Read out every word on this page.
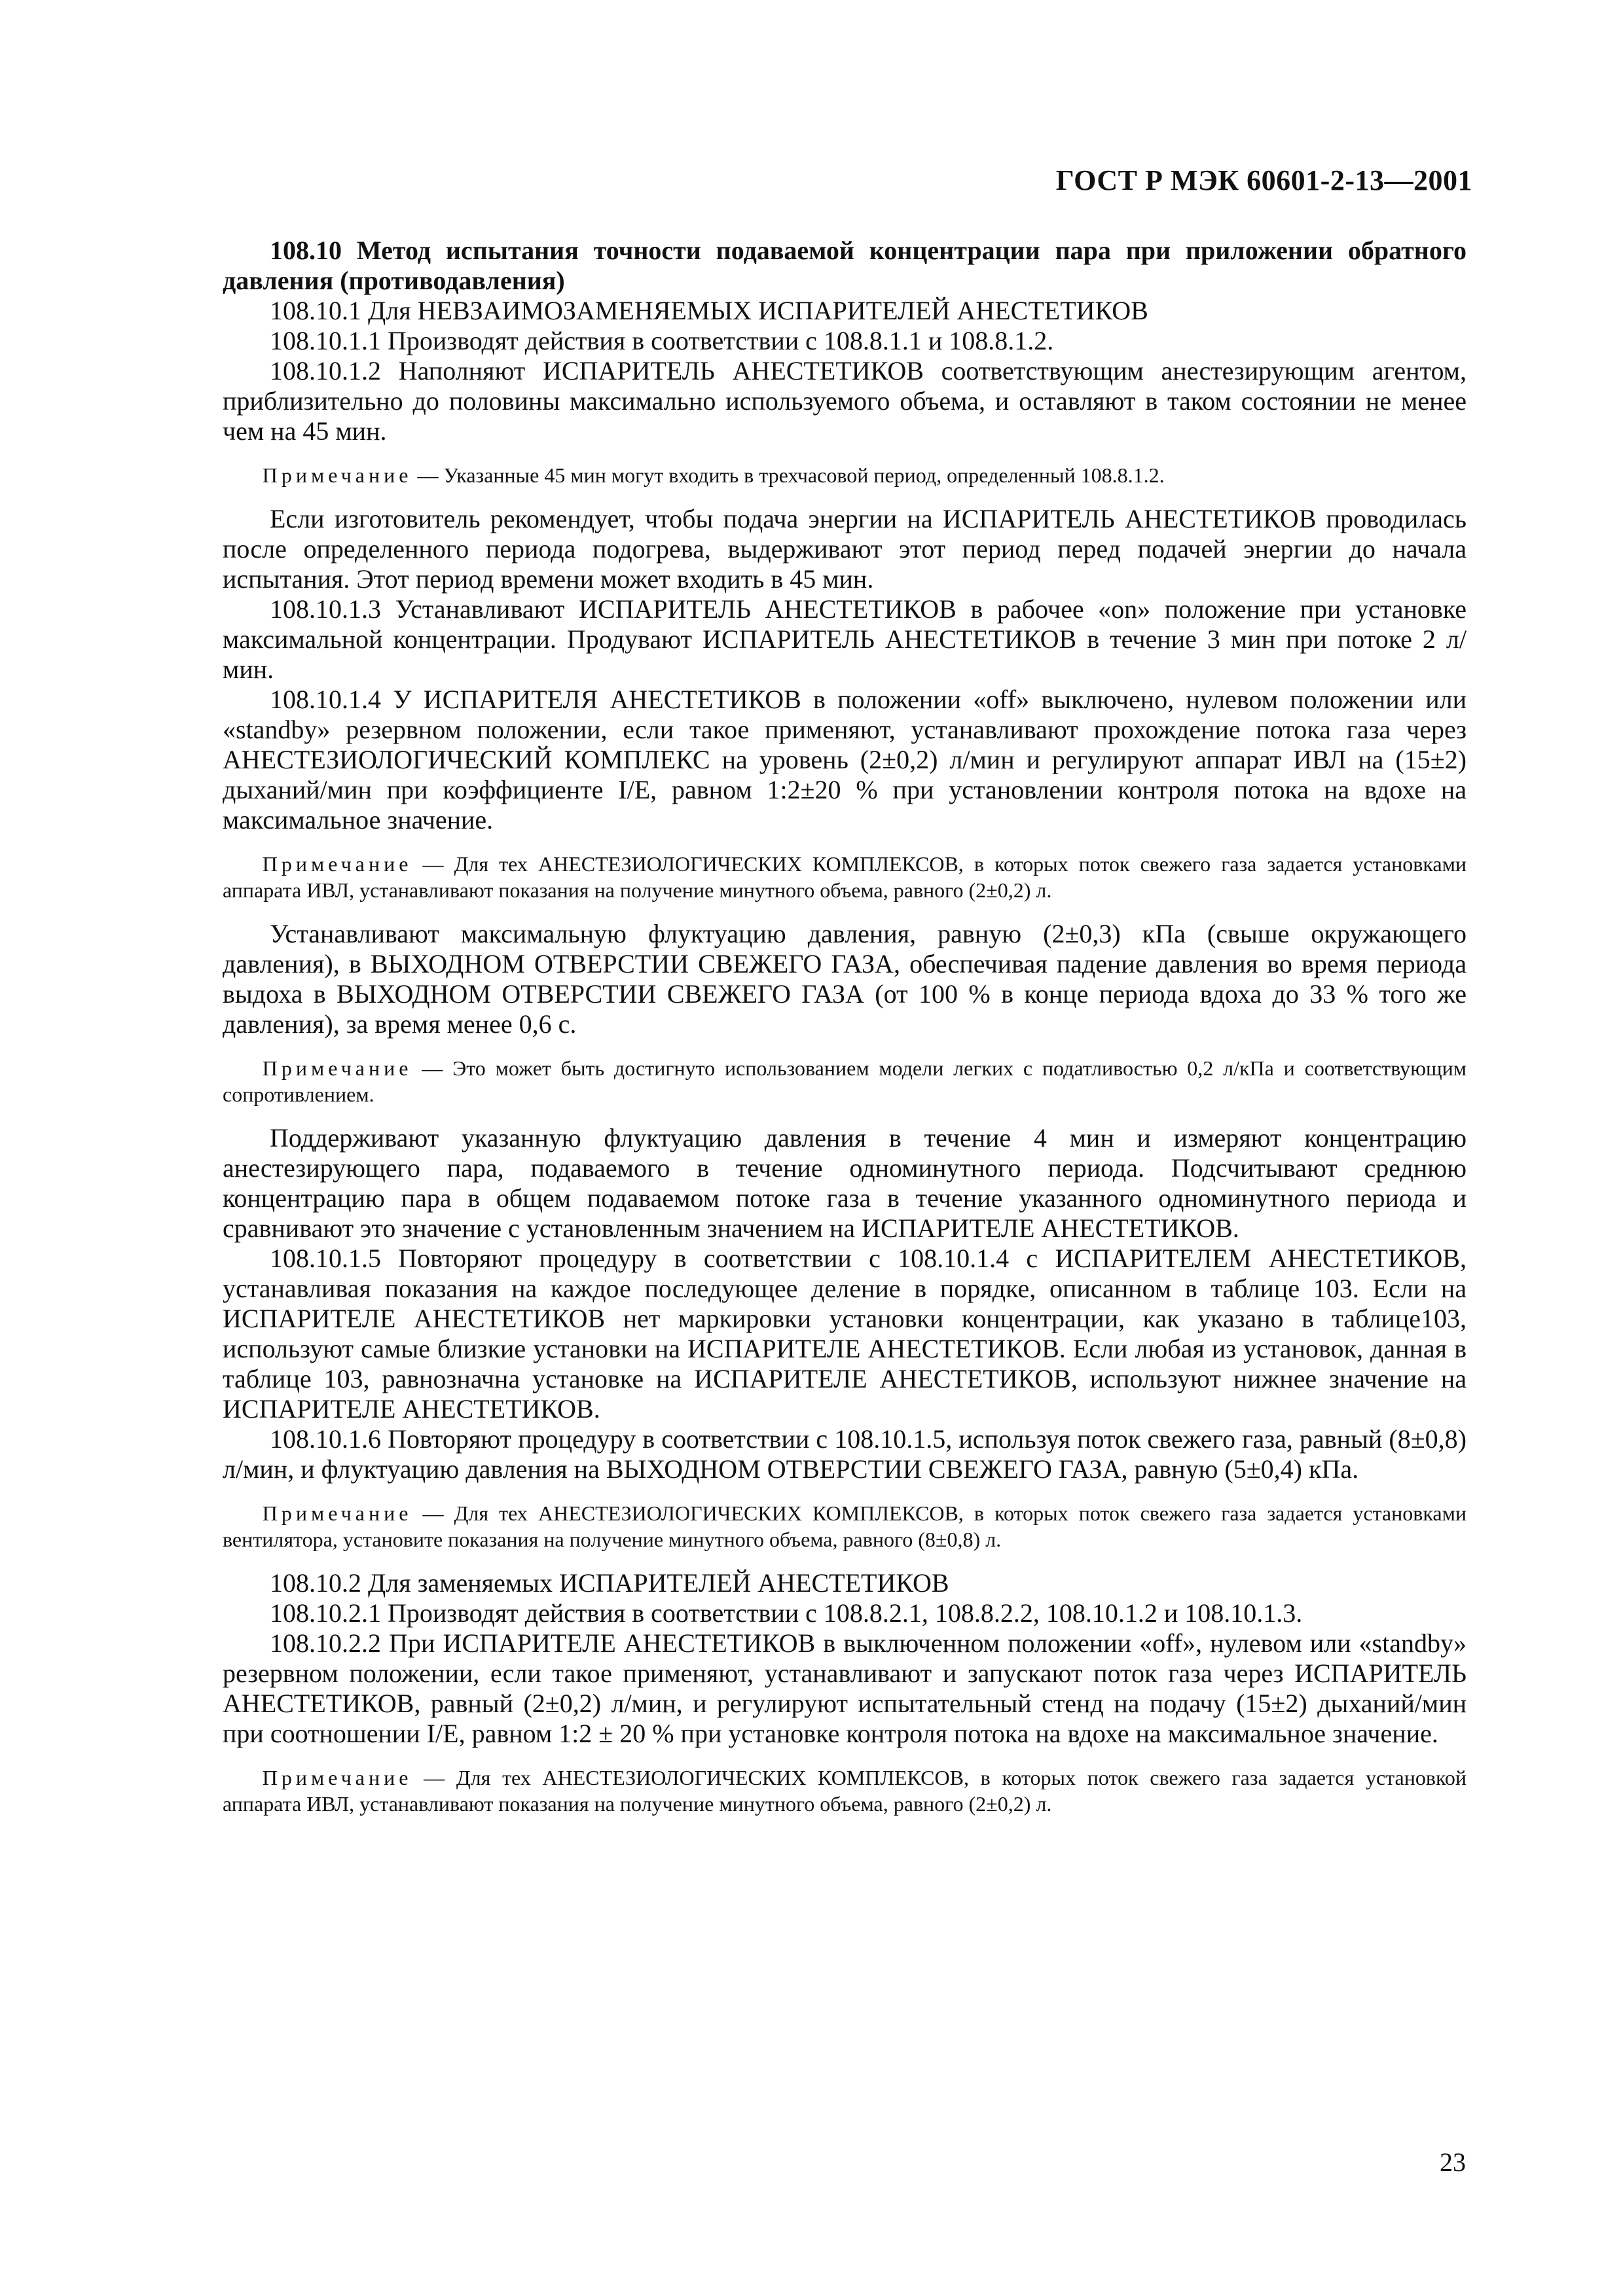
ГОСТ Р МЭК 60601-2-13—2001

108.10 Метод испытания точности подаваемой концентрации пара при приложении обратного давления (противодавления)

108.10.1 Для НЕВЗАИМОЗАМЕНЯЕМЫХ ИСПАРИТЕЛЕЙ АНЕСТЕТИКОВ

108.10.1.1 Производят действия в соответствии с 108.8.1.1 и 108.8.1.2.

108.10.1.2 Наполняют ИСПАРИТЕЛЬ АНЕСТЕТИКОВ соответствующим анестезирующим агентом, приблизительно до половины максимально используемого объема, и оставляют в таком состоянии не менее чем на 45 мин.

Примечание — Указанные 45 мин могут входить в трехчасовой период, определенный 108.8.1.2.

Если изготовитель рекомендует, чтобы подача энергии на ИСПАРИТЕЛЬ АНЕСТЕТИКОВ проводилась после определенного периода подогрева, выдерживают этот период перед подачей энергии до начала испытания. Этот период времени может входить в 45 мин.

108.10.1.3 Устанавливают ИСПАРИТЕЛЬ АНЕСТЕТИКОВ в рабочее «on» положение при установке максимальной концентрации. Продувают ИСПАРИТЕЛЬ АНЕСТЕТИКОВ в течение 3 мин при потоке 2 л/мин.

108.10.1.4 У ИСПАРИТЕЛЯ АНЕСТЕТИКОВ в положении «off» выключено, нулевом положении или «standby» резервном положении, если такое применяют, устанавливают прохождение потока газа через АНЕСТЕЗИОЛОГИЧЕСКИЙ КОМПЛЕКС на уровень (2±0,2) л/мин и регулируют аппарат ИВЛ на (15±2) дыханий/мин при коэффициенте I/E, равном 1:2±20 % при установлении контроля потока на вдохе на максимальное значение.

Примечание — Для тех АНЕСТЕЗИОЛОГИЧЕСКИХ КОМПЛЕКСОВ, в которых поток свежего газа задается установками аппарата ИВЛ, устанавливают показания на получение минутного объема, равного (2±0,2) л.

Устанавливают максимальную флуктуацию давления, равную (2±0,3) кПа (свыше окружающего давления), в ВЫХОДНОМ ОТВЕРСТИИ СВЕЖЕГО ГАЗА, обеспечивая падение давления во время периода выдоха в ВЫХОДНОМ ОТВЕРСТИИ СВЕЖЕГО ГАЗА (от 100 % в конце периода вдоха до 33 % того же давления), за время менее 0,6 с.

Примечание — Это может быть достигнуто использованием модели легких с податливостью 0,2 л/кПа и соответствующим сопротивлением.

Поддерживают указанную флуктуацию давления в течение 4 мин и измеряют концентрацию анестезирующего пара, подаваемого в течение одноминутного периода. Подсчитывают среднюю концентрацию пара в общем подаваемом потоке газа в течение указанного одноминутного периода и сравнивают это значение с установленным значением на ИСПАРИТЕЛЕ АНЕСТЕТИКОВ.

108.10.1.5 Повторяют процедуру в соответствии с 108.10.1.4 с ИСПАРИТЕЛЕМ АНЕСТЕТИКОВ, устанавливая показания на каждое последующее деление в порядке, описанном в таблице 103. Если на ИСПАРИТЕЛЕ АНЕСТЕТИКОВ нет маркировки установки концентрации, как указано в таблице103, используют самые близкие установки на ИСПАРИТЕЛЕ АНЕСТЕТИКОВ. Если любая из установок, данная в таблице 103, равнозначна установке на ИСПАРИТЕЛЕ АНЕСТЕТИКОВ, используют нижнее значение на ИСПАРИТЕЛЕ АНЕСТЕТИКОВ.

108.10.1.6 Повторяют процедуру в соответствии с 108.10.1.5, используя поток свежего газа, равный (8±0,8) л/мин, и флуктуацию давления на ВЫХОДНОМ ОТВЕРСТИИ СВЕЖЕГО ГАЗА, равную (5±0,4) кПа.

Примечание — Для тех АНЕСТЕЗИОЛОГИЧЕСКИХ КОМПЛЕКСОВ, в которых поток свежего газа задается установками вентилятора, установите показания на получение минутного объема, равного (8±0,8) л.

108.10.2 Для заменяемых ИСПАРИТЕЛЕЙ АНЕСТЕТИКОВ

108.10.2.1 Производят действия в соответствии с 108.8.2.1, 108.8.2.2, 108.10.1.2 и 108.10.1.3.

108.10.2.2 При ИСПАРИТЕЛЕ АНЕСТЕТИКОВ в выключенном положении «off», нулевом или «standby» резервном положении, если такое применяют, устанавливают и запускают поток газа через ИСПАРИТЕЛЬ АНЕСТЕТИКОВ, равный (2±0,2) л/мин, и регулируют испытательный стенд на подачу (15±2) дыханий/мин при соотношении I/E, равном 1:2 ± 20 % при установке контроля потока на вдохе на максимальное значение.

Примечание — Для тех АНЕСТЕЗИОЛОГИЧЕСКИХ КОМПЛЕКСОВ, в которых поток свежего газа задается установкой аппарата ИВЛ, устанавливают показания на получение минутного объема, равного (2±0,2) л.

23
